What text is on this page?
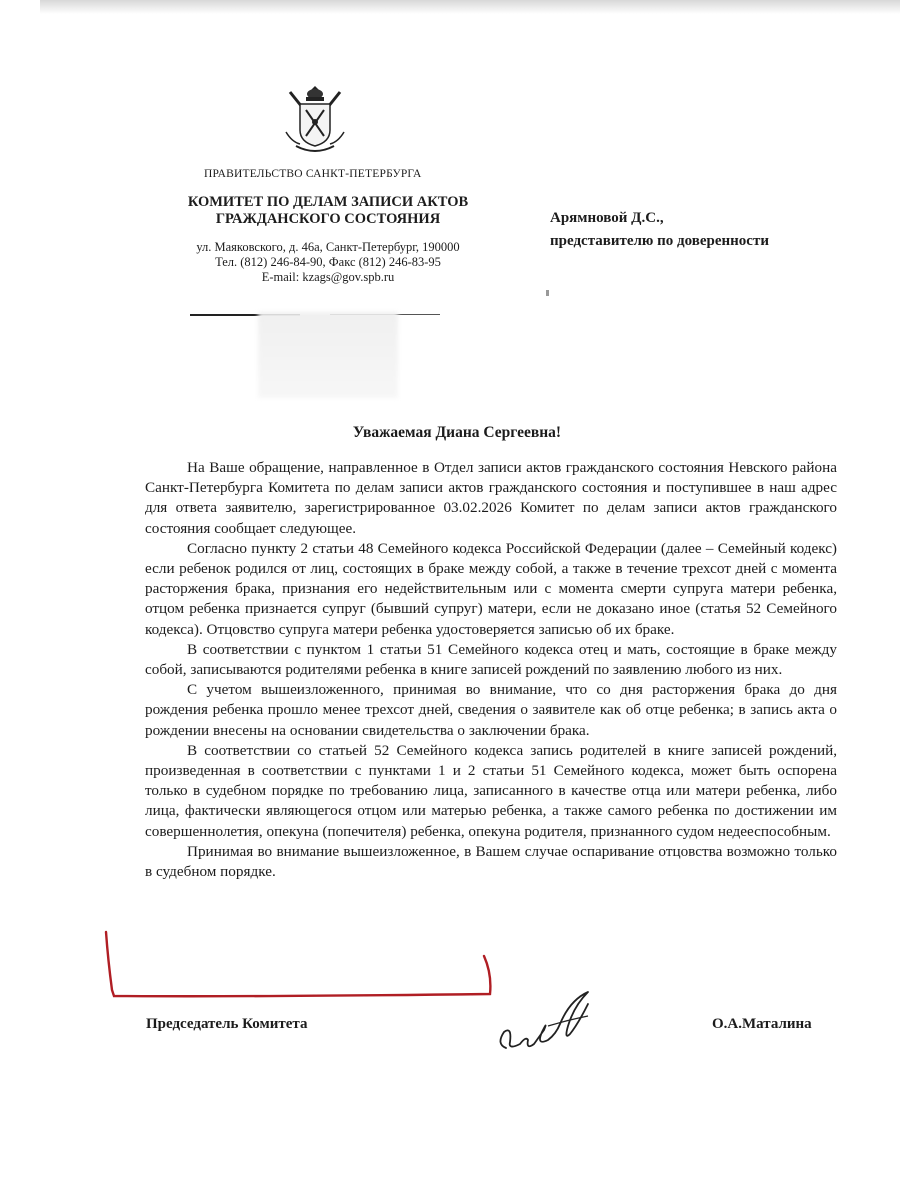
ПРАВИТЕЛЬСТВО САНКТ-ПЕТЕРБУРГА
КОМИТЕТ ПО ДЕЛАМ ЗАПИСИ АКТОВ
ГРАЖДАНСКОГО СОСТОЯНИЯ
ул. Маяковского, д. 46а, Санкт-Петербург, 190000
Тел. (812) 246-84-90, Факс (812) 246-83-95
E-mail: kzags@gov.spb.ru
Арямновой Д.С.,
представителю по доверенности
Уважаемая Диана Сергеевна!

На Ваше обращение, направленное в Отдел записи актов гражданского состояния Невского района Санкт-Петербурга Комитета по делам записи актов гражданского состояния и поступившее в наш адрес для ответа заявителю, зарегистрированное 03.02.2026 Комитет по делам записи актов гражданского состояния сообщает следующее.

Согласно пункту 2 статьи 48 Семейного кодекса Российской Федерации (далее – Семейный кодекс) если ребенок родился от лиц, состоящих в браке между собой, а также в течение трехсот дней с момента расторжения брака, признания его недействительным или с момента смерти супруга матери ребенка, отцом ребенка признается супруг (бывший супруг) матери, если не доказано иное (статья 52 Семейного кодекса). Отцовство супруга матери ребенка удостоверяется записью об их браке.

В соответствии с пунктом 1 статьи 51 Семейного кодекса отец и мать, состоящие в браке между собой, записываются родителями ребенка в книге записей рождений по заявлению любого из них.

С учетом вышеизложенного, принимая во внимание, что со дня расторжения брака до дня рождения ребенка прошло менее трехсот дней, сведения о заявителе как об отце ребенка; в запись акта о рождении внесены на основании свидетельства о заключении брака.

В соответствии со статьей 52 Семейного кодекса запись родителей в книге записей рождений, произведенная в соответствии с пунктами 1 и 2 статьи 51 Семейного кодекса, может быть оспорена только в судебном порядке по требованию лица, записанного в качестве отца или матери ребенка, либо лица, фактически являющегося отцом или матерью ребенка, а также самого ребенка по достижении им совершеннолетия, опекуна (попечителя) ребенка, опекуна родителя, признанного судом недееспособным.

Принимая во внимание вышеизложенное, в Вашем случае оспаривание отцовства возможно только в судебном порядке.

Председатель Комитета	О.А.Маталина
